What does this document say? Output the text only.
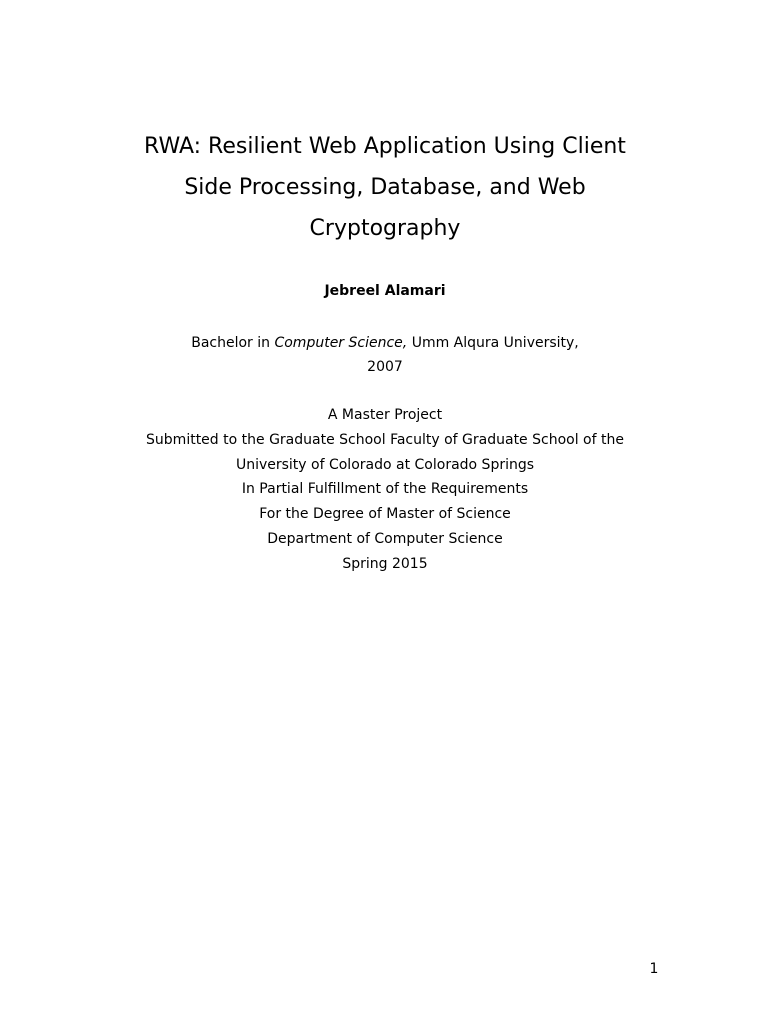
RWA: Resilient Web Application Using Client
Side Processing, Database, and Web
Cryptography
Jebreel Alamari
Bachelor in Computer Science, Umm Alqura University,
2007
A Master Project
Submitted to the Graduate School Faculty of Graduate School of the
University of Colorado at Colorado Springs
In Partial Fulfillment of the Requirements
For the Degree of Master of Science
Department of Computer Science
Spring 2015
1
